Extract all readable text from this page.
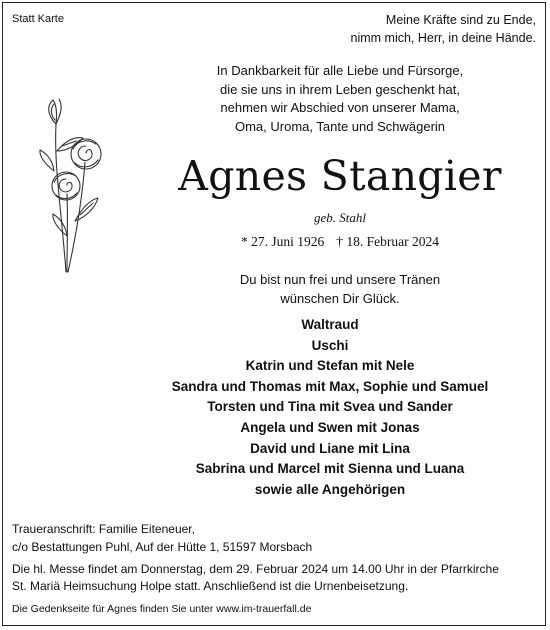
Statt Karte	Meine Kräfte sind zu Ende,
nimm mich, Herr, in deine Hände.
In Dankbarkeit für alle Liebe und Fürsorge,
die sie uns in ihrem Leben geschenkt hat,
nehmen wir Abschied von unserer Mama,
Oma, Uroma, Tante und Schwägerin
Agnes Stangier
geb. Stahl
* 27. Juni 1926 † 18. Februar 2024
Du bist nun frei und unsere Tränen
wünschen Dir Glück.
Waltraud
Uschi
Katrin und Stefan mit Nele
Sandra und Thomas mit Max, Sophie und Samuel
Torsten und Tina mit Svea und Sander
Angela und Swen mit Jonas
David und Liane mit Lina
Sabrina und Marcel mit Sienna und Luana
sowie alle Angehörigen
Traueranschrift: Familie Eiteneuer,
c/o Bestattungen Puhl, Auf der Hütte 1, 51597 Morsbach
Die hl. Messe findet am Donnerstag, dem 29. Februar 2024 um 14.00 Uhr in der Pfarrkirche
St. Mariä Heimsuchung Holpe statt. Anschließend ist die Urnenbeisetzung.
Die Gedenkseite für Agnes finden Sie unter www.im-trauerfall.de
